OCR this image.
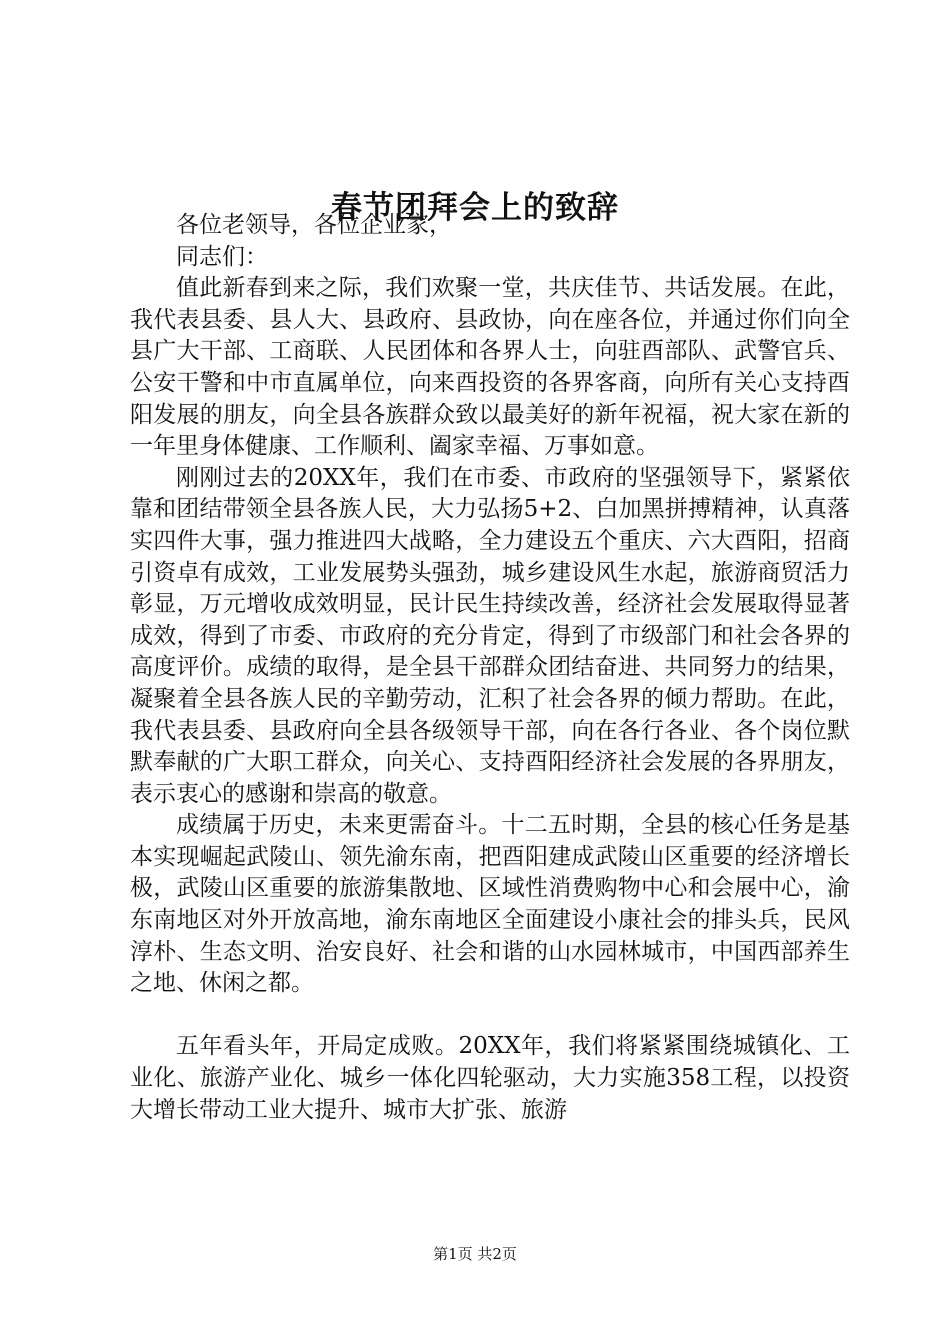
春节团拜会上的致辞

各位老领导，各位企业家，

同志们：

值此新春到来之际，我们欢聚一堂，共庆佳节、共话发展。在此，我代表县委、县人大、县政府、县政协，向在座各位，并通过你们向全县广大干部、工商联、人民团体和各界人士，向驻酉部队、武警官兵、公安干警和中市直属单位，向来酉投资的各界客商，向所有关心支持酉阳发展的朋友，向全县各族群众致以最美好的新年祝福，祝大家在新的一年里身体健康、工作顺利、阖家幸福、万事如意。

刚刚过去的20XX年，我们在市委、市政府的坚强领导下，紧紧依靠和团结带领全县各族人民，大力弘扬5+2、白加黑拼搏精神，认真落实四件大事，强力推进四大战略，全力建设五个重庆、六大酉阳，招商引资卓有成效，工业发展势头强劲，城乡建设风生水起，旅游商贸活力彰显，万元增收成效明显，民计民生持续改善，经济社会发展取得显著成效，得到了市委、市政府的充分肯定，得到了市级部门和社会各界的高度评价。成绩的取得，是全县干部群众团结奋进、共同努力的结果，凝聚着全县各族人民的辛勤劳动，汇积了社会各界的倾力帮助。在此，我代表县委、县政府向全县各级领导干部，向在各行各业、各个岗位默默奉献的广大职工群众，向关心、支持酉阳经济社会发展的各界朋友，表示衷心的感谢和崇高的敬意。

成绩属于历史，未来更需奋斗。十二五时期，全县的核心任务是基本实现崛起武陵山、领先渝东南，把酉阳建成武陵山区重要的经济增长极，武陵山区重要的旅游集散地、区域性消费购物中心和会展中心，渝东南地区对外开放高地，渝东南地区全面建设小康社会的排头兵，民风淳朴、生态文明、治安良好、社会和谐的山水园林城市，中国西部养生之地、休闲之都。

五年看头年，开局定成败。20XX年，我们将紧紧围绕城镇化、工业化、旅游产业化、城乡一体化四轮驱动，大力实施358工程，以投资大增长带动工业大提升、城市大扩张、旅游

第1页 共2页
